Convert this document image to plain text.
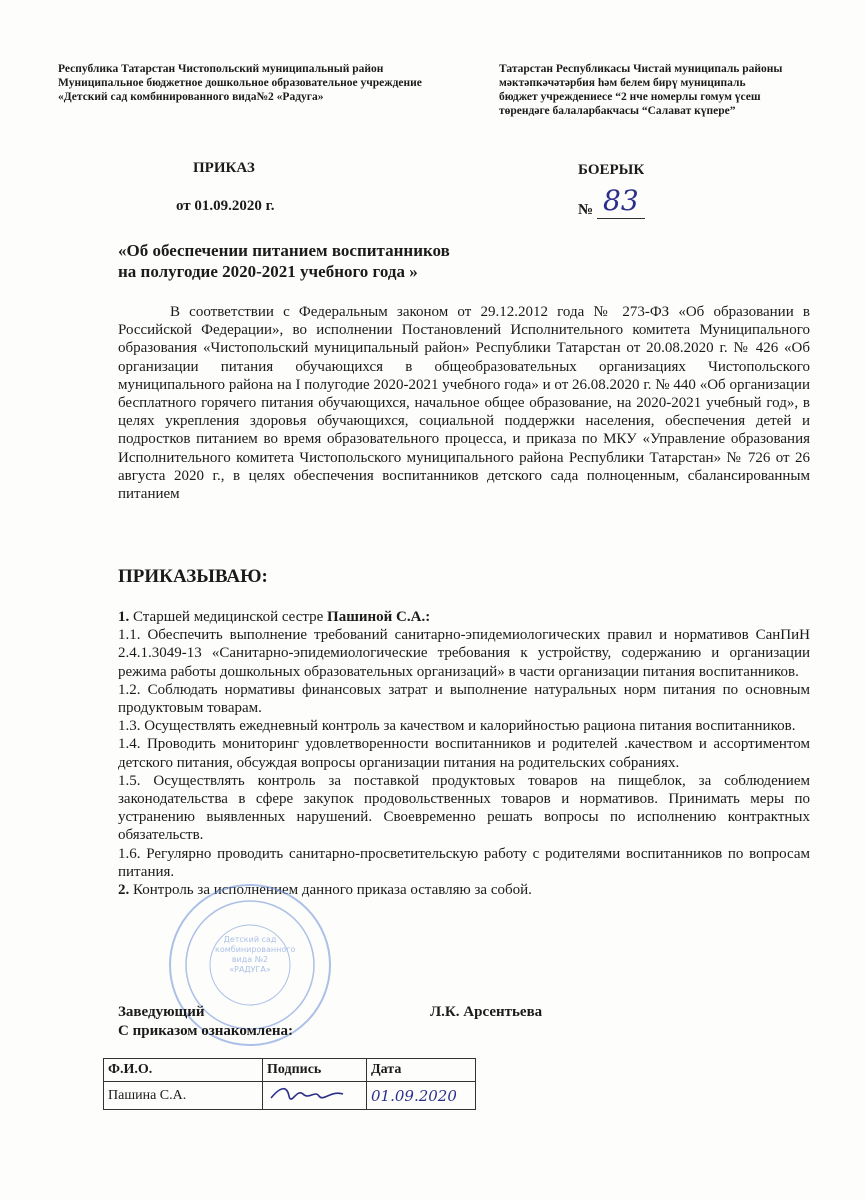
Республика Татарстан Чистопольский муниципальный район
Муниципальное бюджетное дошкольное образовательное учреждение
«Детский сад комбинированного вида№2 «Радуга»
Татарстан Республикасы Чистай муниципаль районы
мәктәпкәчәтәрбия һәм белем бирү муниципаль
бюджет учреждениесе “2 нче номерлы гомум үсеш
төрендәге балаларбакчасы “Салават күпере”
ПРИКАЗ	БОЕРЫК
от 01.09.2020 г.	№ 83
«Об обеспечении питанием воспитанников
на полугодие 2020-2021 учебного года »

В соответствии с Федеральным законом от 29.12.2012 года № 273-ФЗ «Об образовании в Российской Федерации», во исполнении Постановлений Исполнительного комитета Муниципального образования «Чистопольский муниципальный район» Республики Татарстан от 20.08.2020 г. № 426 «Об организации питания обучающихся в общеобразовательных организациях Чистопольского муниципального района на I полугодие 2020-2021 учебного года» и от 26.08.2020 г. № 440 «Об организации бесплатного горячего питания обучающихся, начальное общее образование, на 2020-2021 учебный год», в целях укрепления здоровья обучающихся, социальной поддержки населения, обеспечения детей и подростков питанием во время образовательного процесса, и приказа по МКУ «Управление образования Исполнительного комитета Чистопольского муниципального района Республики Татарстан» № 726 от 26 августа 2020 г., в целях обеспечения воспитанников детского сада полноценным, сбалансированным питанием

ПРИКАЗЫВАЮ:

1. Старшей медицинской сестре Пашиной С.А.:

1.1. Обеспечить выполнение требований санитарно-эпидемиологических правил и нормативов СанПиН 2.4.1.3049-13 «Санитарно-эпидемиологические требования к устройству, содержанию и организации режима работы дошкольных образовательных организаций» в части организации питания воспитанников.

1.2. Соблюдать нормативы финансовых затрат и выполнение натуральных норм питания по основным продуктовым товарам.

1.3. Осуществлять ежедневный контроль за качеством и калорийностью рациона питания воспитанников.

1.4. Проводить мониторинг удовлетворенности воспитанников и родителей .качеством и ассортиментом детского питания, обсуждая вопросы организации питания на родительских собраниях.

1.5. Осуществлять контроль за поставкой продуктовых товаров на пищеблок, за соблюдением законодательства в сфере закупок продовольственных товаров и нормативов. Принимать меры по устранению выявленных нарушений. Своевременно решать вопросы по исполнению контрактных обязательств.

1.6. Регулярно проводить санитарно-просветительскую работу с родителями воспитанников по вопросам питания.

2. Контроль за исполнением данного приказа оставляю за собой.

Детский сад комбинированного вида №2 «РАДУГА»
Заведующий	Л.К. Арсентьева
С приказом ознакомлена:
Ф.И.О.	Подпись	Дата
Пашина С.А.		01.09.2020
